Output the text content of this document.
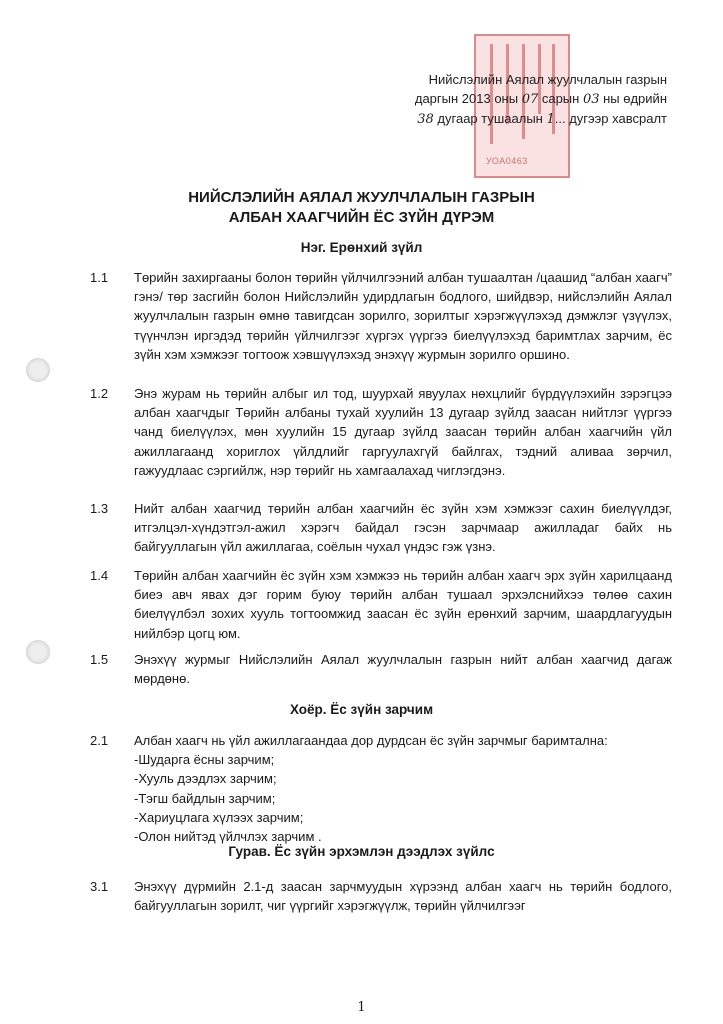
УОА0463
Нийслэлийн Аялал жуулчлалын газрын
даргын 2013 оны 07 сарын 03 ны өдрийн
38 дугаар тушаалын 1... дугээр хавсралт
НИЙСЛЭЛИЙН АЯЛАЛ ЖУУЛЧЛАЛЫН ГАЗРЫН
АЛБАН ХААГЧИЙН ЁС ЗҮЙН ДҮРЭМ
Нэг. Ерөнхий зүйл
1.1 Төрийн захиргааны болон төрийн үйлчилгээний албан тушаалтан /цаашид “албан хаагч” гэнэ/ төр засгийн болон Нийслэлийн удирдлагын бодлого, шийдвэр, нийслэлийн Аялал жуулчлалын газрын өмнө тавигдсан зорилго, зорилтыг хэрэгжүүлэхэд дэмжлэг үзүүлэх, түүнчлэн иргэдэд төрийн үйлчилгээг хүргэх үүргээ биелүүлэхэд баримтлах зарчим, ёс зүйн хэм хэмжээг тогтоож хэвшүүлэхэд энэхүү журмын зорилго оршино.
1.2 Энэ журам нь төрийн албыг ил тод, шуурхай явуулах нөхцлийг бүрдүүлэхийн зэрэгцээ албан хаагчдыг Төрийн албаны тухай хуулийн 13 дугаар зүйлд заасан нийтлэг үүргээ чанд биелүүлэх, мөн хуулийн 15 дугаар зүйлд заасан төрийн албан хаагчийн үйл ажиллагаанд хориглох үйлдлийг гаргуулахгүй байлгах, тэдний аливаа зөрчил, гажуудлаас сэргийлж, нэр төрийг нь хамгаалахад чиглэгдэнэ.
1.3 Нийт албан хаагчид төрийн албан хаагчийн ёс зүйн хэм хэмжээг сахин биелүүлдэг, итгэлцэл-хүндэтгэл-ажил хэрэгч байдал гэсэн зарчмаар ажилладаг байх нь байгууллагын үйл ажиллагаа, соёлын чухал үндэс гэж үзнэ.
1.4 Төрийн албан хаагчийн ёс зүйн хэм хэмжээ нь төрийн албан хаагч эрх зүйн харилцаанд биеэ авч явах дэг горим буюу төрийн албан тушаал эрхэлснийхээ төлөө сахин биелүүлбэл зохих хууль тогтоомжид заасан ёс зүйн ерөнхий зарчим, шаардлагуудын нийлбэр цогц юм.
1.5 Энэхүү журмыг Нийслэлийн Аялал жуулчлалын газрын нийт албан хаагчид дагаж мөрдөнө.
Хоёр. Ёс зүйн зарчим
2.1 Албан хаагч нь үйл ажиллагаандаа дор дурдсан ёс зүйн зарчмыг баримтална:
-Шударга ёсны зарчим;
-Хууль дээдлэх зарчим;
-Тэгш байдлын зарчим;
-Хариуцлага хүлээх зарчим;
-Олон нийтэд үйлчлэх зарчим .
Гурав. Ёс зүйн эрхэмлэн дээдлэх зүйлс
3.1 Энэхүү дүрмийн 2.1-д заасан зарчмуудын хүрээнд албан хаагч нь төрийн бодлого, байгууллагын зорилт, чиг үүргийг хэрэгжүүлж, төрийн үйлчилгээг
1
